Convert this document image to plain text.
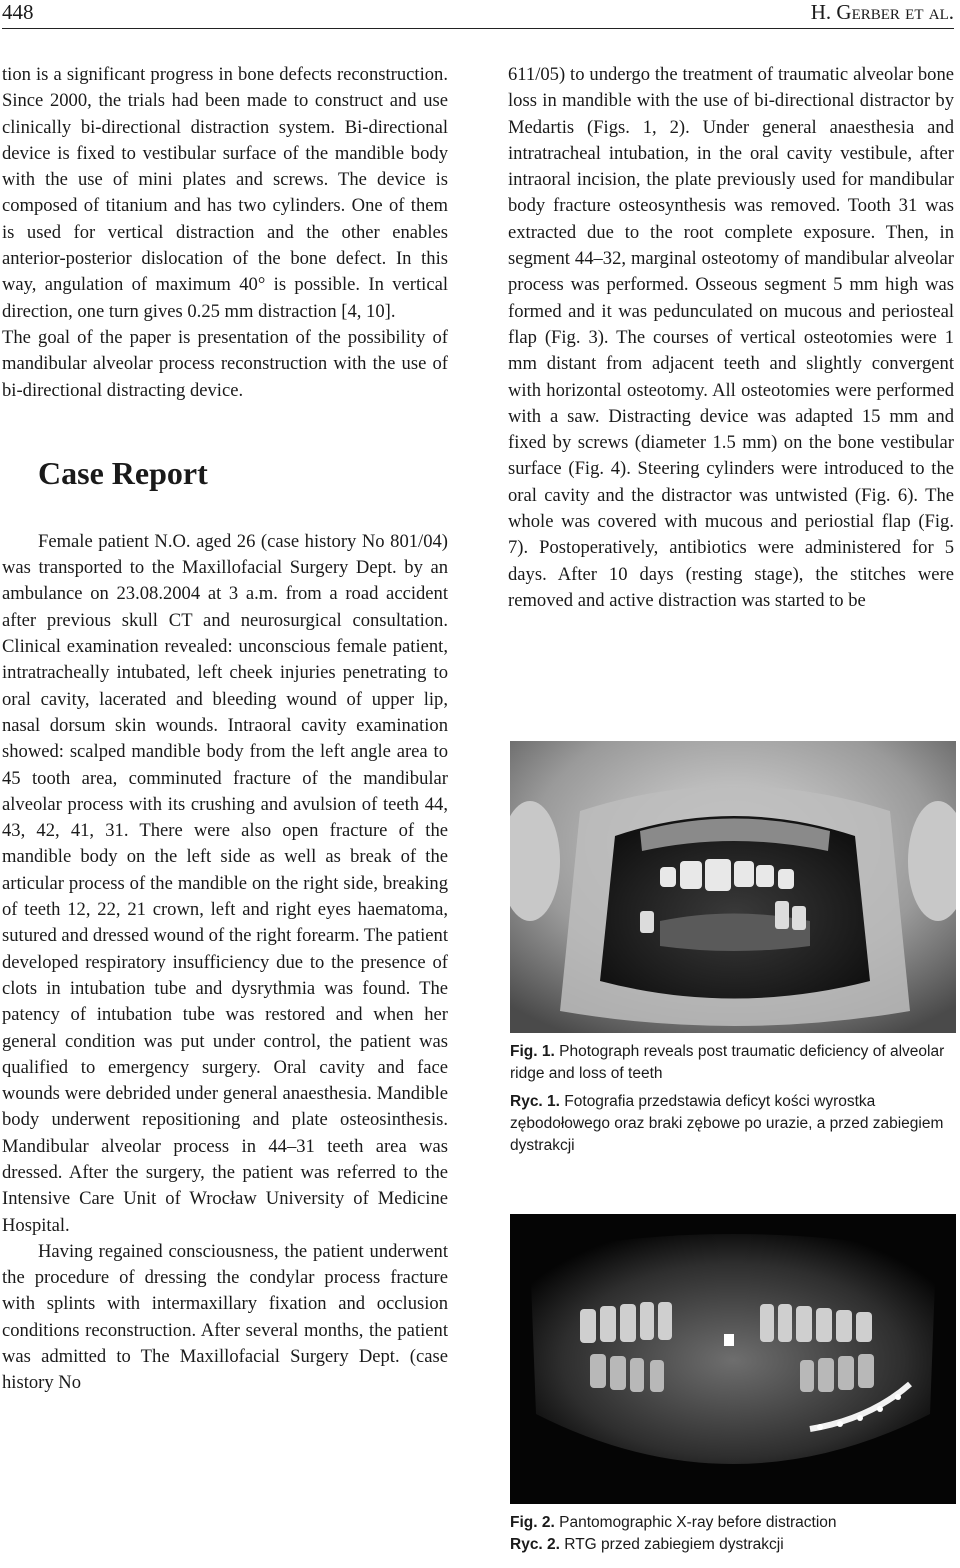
448	H. Gerber et al.

tion is a significant progress in bone defects reconstruction. Since 2000, the trials had been made to construct and use clinically bi-directional distraction system. Bi-directional device is fixed to vestibular surface of the mandible body with the use of mini plates and screws. The device is composed of titanium and has two cylinders. One of them is used for vertical distraction and the other enables anterior-posterior dislocation of the bone defect. In this way, angulation of maximum 40° is possible. In vertical direction, one turn gives 0.25 mm distraction [4, 10].

The goal of the paper is presentation of the possibility of mandibular alveolar process reconstruction with the use of bi-directional distracting device.

Case Report

Female patient N.O. aged 26 (case history No 801/04) was transported to the Maxillofacial Surgery Dept. by an ambulance on 23.08.2004 at 3 a.m. from a road accident after previous skull CT and neurosurgical consultation. Clinical examination revealed: unconscious female patient, intratracheally intubated, left cheek injuries penetrating to oral cavity, lacerated and bleeding wound of upper lip, nasal dorsum skin wounds. Intraoral cavity examination showed: scalped mandible body from the left angle area to 45 tooth area, comminuted fracture of the mandibular alveolar process with its crushing and avulsion of teeth 44, 43, 42, 41, 31. There were also open fracture of the mandible body on the left side as well as break of the articular process of the mandible on the right side, breaking of teeth 12, 22, 21 crown, left and right eyes haematoma, sutured and dressed wound of the right forearm. The patient developed respiratory insufficiency due to the presence of clots in intubation tube and dysrythmia was found. The patency of intubation tube was restored and when her general condition was put under control, the patient was qualified to emergency surgery. Oral cavity and face wounds were debrided under general anaesthesia. Mandible body underwent repositioning and plate osteosinthesis. Mandibular alveolar process in 44–31 teeth area was dressed. After the surgery, the patient was referred to the Intensive Care Unit of Wrocław University of Medicine Hospital.

Having regained consciousness, the patient underwent the procedure of dressing the condylar process fracture with splints with intermaxillary fixation and occlusion conditions reconstruction. After several months, the patient was admitted to The Maxillofacial Surgery Dept. (case history No

611/05) to undergo the treatment of traumatic alveolar bone loss in mandible with the use of bi-directional distractor by Medartis (Figs. 1, 2). Under general anaesthesia and intratracheal intubation, in the oral cavity vestibule, after intraoral incision, the plate previously used for mandibular body fracture osteosynthesis was removed. Tooth 31 was extracted due to the root complete exposure. Then, in segment 44–32, marginal osteotomy of mandibular alveolar process was performed. Osseous segment 5 mm high was formed and it was pedunculated on mucous and periosteal flap (Fig. 3). The courses of vertical osteotomies were 1 mm distant from adjacent teeth and slightly convergent with horizontal osteotomy. All osteotomies were performed with a saw. Distracting device was adapted 15 mm and fixed by screws (diameter 1.5 mm) on the bone vestibular surface (Fig. 4). Steering cylinders were introduced to the oral cavity and the distractor was untwisted (Fig. 6). The whole was covered with mucous and periostial flap (Fig. 7). Postoperatively, antibiotics were administered for 5 days. After 10 days (resting stage), the stitches were removed and active distraction was started to be

Fig. 1. Photograph reveals post traumatic deficiency of alveolar ridge and loss of teeth
Ryc. 1. Fotografia przedstawia deficyt kości wyrostka zębodołowego oraz braki zębowe po urazie, a przed zabiegiem dystrakcji
Fig. 2. Pantomographic X-ray before distraction
Ryc. 2. RTG przed zabiegiem dystrakcji
